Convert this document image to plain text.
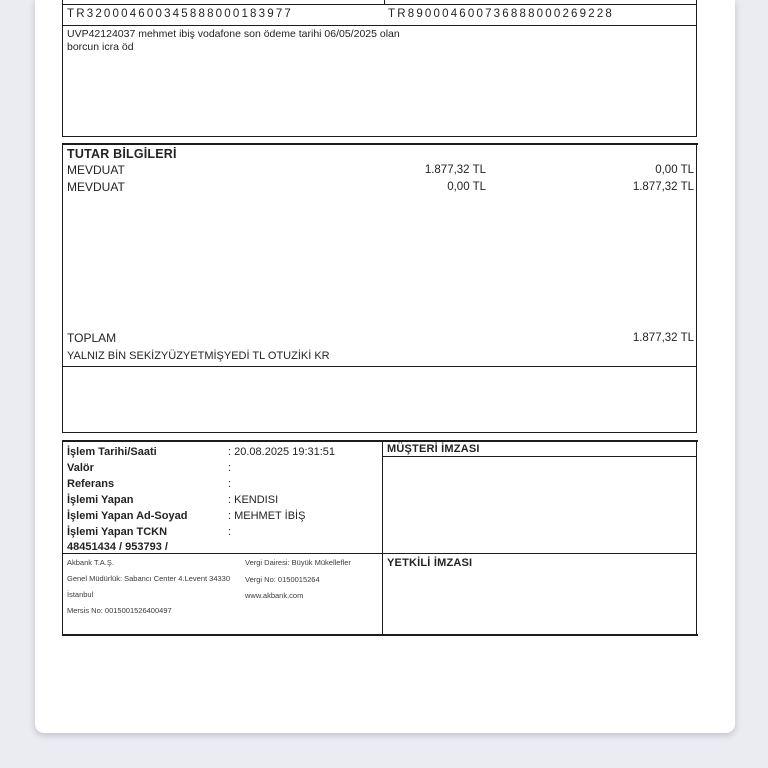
TR320004600345888000183977	TR890004600736888000269228
UVP42124037 mehmet ibiş vodafone son ödeme tarihi 06/05/2025 olan
borcun icra öd
TUTAR BİLGİLERİ
MEVDUAT	1.877,32 TL	0,00 TL
MEVDUAT	0,00 TL	1.877,32 TL
TOPLAM	1.877,32 TL
YALNIZ BİN SEKİZYÜZYETMİŞYEDİ TL OTUZİKİ KR
İşlem Tarihi/Saati	: 20.08.2025 19:31:51
Valör	:
Referans	:
İşlemi Yapan	: KENDISI
İşlemi Yapan Ad-Soyad	: MEHMET İBİŞ
İşlemi Yapan TCKN	:
48451434 / 953793 /
MÜŞTERİ İMZASI
YETKİLİ İMZASI
Akbank T.A.Ş.
Genel Müdürlük: Sabancı Center 4.Levent 34330
İstanbul
Mersis No: 0015001526400497
Vergi Dairesi: Büyük Mükellefler
Vergi No: 0150015264
www.akbank.com
